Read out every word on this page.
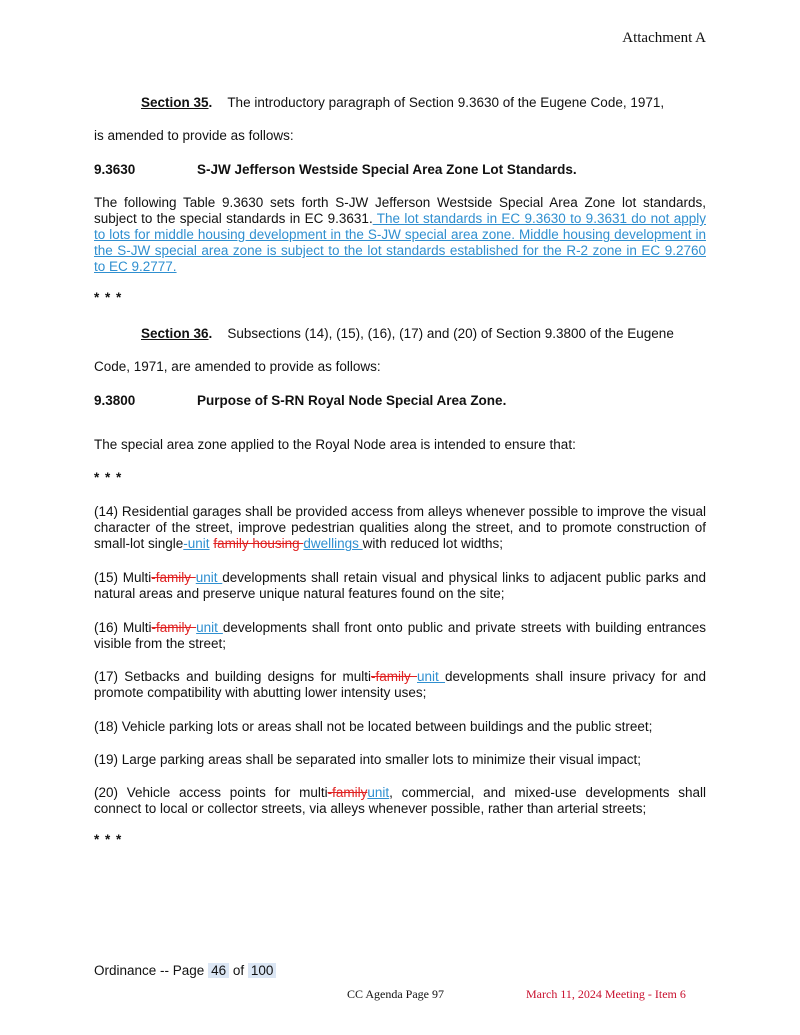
Attachment A
Section 35. The introductory paragraph of Section 9.3630 of the Eugene Code, 1971,
is amended to provide as follows:
9.3630	S-JW Jefferson Westside Special Area Zone Lot Standards.
The following Table 9.3630 sets forth S-JW Jefferson Westside Special Area Zone lot standards, subject to the special standards in EC 9.3631. The lot standards in EC 9.3630 to 9.3631 do not apply to lots for middle housing development in the S-JW special area zone. Middle housing development in the S-JW special area zone is subject to the lot standards established for the R-2 zone in EC 9.2760 to EC 9.2777.
* * *
Section 36. Subsections (14), (15), (16), (17) and (20) of Section 9.3800 of the Eugene
Code, 1971, are amended to provide as follows:
9.3800	Purpose of S-RN Royal Node Special Area Zone.
The special area zone applied to the Royal Node area is intended to ensure that:
* * *
(14) Residential garages shall be provided access from alleys whenever possible to improve the visual character of the street, improve pedestrian qualities along the street, and to promote construction of small-lot single-unit family housing dwellings with reduced lot widths;
(15) Multi-family unit developments shall retain visual and physical links to adjacent public parks and natural areas and preserve unique natural features found on the site;
(16) Multi-family unit developments shall front onto public and private streets with building entrances visible from the street;
(17) Setbacks and building designs for multi-family unit developments shall insure privacy for and promote compatibility with abutting lower intensity uses;
(18) Vehicle parking lots or areas shall not be located between buildings and the public street;
(19) Large parking areas shall be separated into smaller lots to minimize their visual impact;
(20) Vehicle access points for multi-familyunit, commercial, and mixed-use developments shall connect to local or collector streets, via alleys whenever possible, rather than arterial streets;
* * *
Ordinance -- Page 46 of 100
CC Agenda Page 97	March 11, 2024 Meeting - Item 6
